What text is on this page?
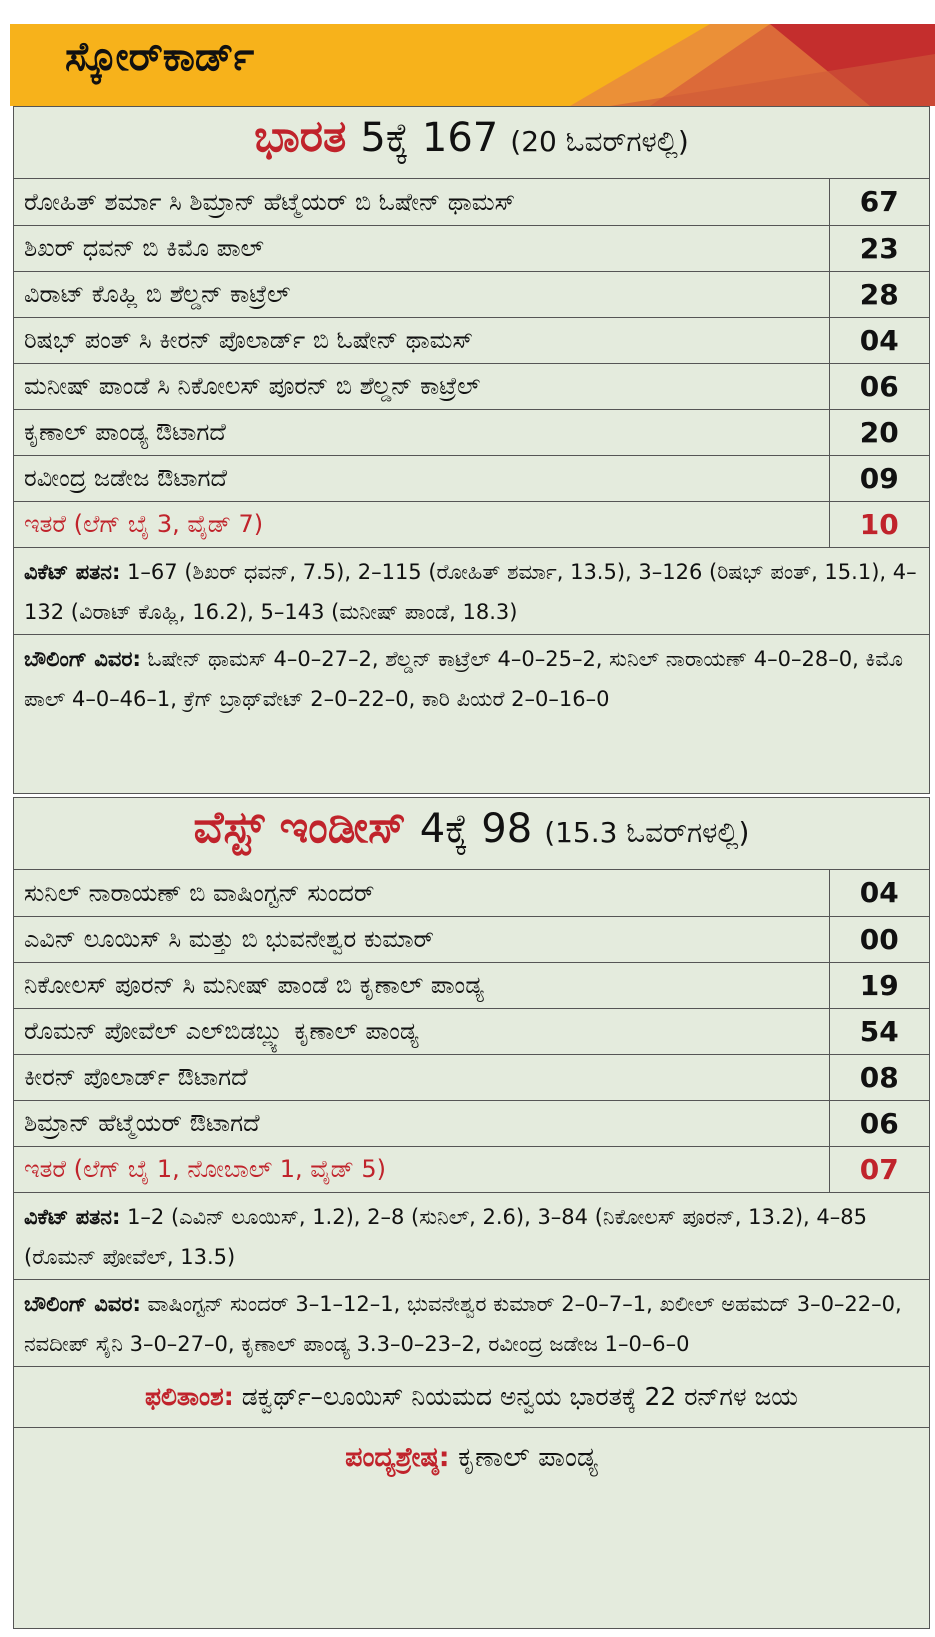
ಸ್ಕೋರ್‌ಕಾರ್ಡ್
ಭಾರತ 5ಕ್ಕೆ 167 (20 ಓವರ್‌ಗಳಲ್ಲಿ)
ರೋಹಿತ್ ಶರ್ಮಾ ಸಿ ಶಿಮ್ರಾನ್ ಹೆಟ್ಮೆಯರ್ ಬಿ ಓಷೇನ್ ಥಾಮಸ್	67
ಶಿಖರ್ ಧವನ್ ಬಿ ಕಿಮೊ ಪಾಲ್	23
ವಿರಾಟ್ ಕೊಹ್ಲಿ ಬಿ ಶೆಲ್ಡನ್ ಕಾಟ್ರೆಲ್	28
ರಿಷಭ್ ಪಂತ್ ಸಿ ಕೀರನ್ ಪೊಲಾರ್ಡ್ ಬಿ ಓಷೇನ್ ಥಾಮಸ್	04
ಮನೀಷ್ ಪಾಂಡೆ ಸಿ ನಿಕೋಲಸ್ ಪೂರನ್ ಬಿ ಶೆಲ್ಡನ್ ಕಾಟ್ರೆಲ್	06
ಕೃಣಾಲ್ ಪಾಂಡ್ಯ ಔಟಾಗದೆ	20
ರವೀಂದ್ರ ಜಡೇಜ ಔಟಾಗದೆ	09
ಇತರೆ (ಲೆಗ್ ಬೈ 3, ವೈಡ್ 7)	10
ವಿಕೆಟ್ ಪತನ: 1–67 (ಶಿಖರ್ ಧವನ್, 7.5), 2–115 (ರೋಹಿತ್ ಶರ್ಮಾ, 13.5), 3–126 (ರಿಷಭ್ ಪಂತ್, 15.1), 4–132 (ವಿರಾಟ್ ಕೊಹ್ಲಿ, 16.2), 5–143 (ಮನೀಷ್ ಪಾಂಡೆ, 18.3)
ಬೌಲಿಂಗ್ ವಿವರ: ಓಷೇನ್ ಥಾಮಸ್ 4–0–27–2, ಶೆಲ್ಡನ್ ಕಾಟ್ರೆಲ್ 4–0–25–2, ಸುನಿಲ್ ನಾರಾಯಣ್ 4–0–28–0, ಕಿಮೊ ಪಾಲ್ 4–0–46–1, ಕ್ರೆಗ್ ಬ್ರಾಥ್‌ವೇಟ್ 2–0–22–0, ಕಾರಿ ಪಿಯರೆ 2–0–16–0
ವೆಸ್ಟ್ ಇಂಡೀಸ್ 4ಕ್ಕೆ 98 (15.3 ಓವರ್‌ಗಳಲ್ಲಿ)
ಸುನಿಲ್ ನಾರಾಯಣ್ ಬಿ ವಾಷಿಂಗ್ಟನ್ ಸುಂದರ್	04
ಎವಿನ್ ಲೂಯಿಸ್ ಸಿ ಮತ್ತು ಬಿ ಭುವನೇಶ್ವರ ಕುಮಾರ್	00
ನಿಕೋಲಸ್ ಪೂರನ್ ಸಿ ಮನೀಷ್ ಪಾಂಡೆ ಬಿ ಕೃಣಾಲ್ ಪಾಂಡ್ಯ	19
ರೊಮನ್ ಪೋವೆಲ್ ಎಲ್‌ಬಿಡಬ್ಲ್ಯು ಕೃಣಾಲ್ ಪಾಂಡ್ಯ	54
ಕೀರನ್ ಪೊಲಾರ್ಡ್ ಔಟಾಗದೆ	08
ಶಿಮ್ರಾನ್ ಹೆಟ್ಮೆಯರ್ ಔಟಾಗದೆ	06
ಇತರೆ (ಲೆಗ್ ಬೈ 1, ನೋಬಾಲ್ 1, ವೈಡ್ 5)	07
ವಿಕೆಟ್ ಪತನ: 1–2 (ಎವಿನ್ ಲೂಯಿಸ್, 1.2), 2–8 (ಸುನಿಲ್, 2.6), 3–84 (ನಿಕೋಲಸ್ ಪೂರನ್, 13.2), 4–85 (ರೊಮನ್ ಪೋವೆಲ್, 13.5)
ಬೌಲಿಂಗ್ ವಿವರ: ವಾಷಿಂಗ್ಟನ್ ಸುಂದರ್ 3–1–12–1, ಭುವನೇಶ್ವರ ಕುಮಾರ್ 2–0–7–1, ಖಲೀಲ್ ಅಹಮದ್ 3–0–22–0, ನವದೀಪ್ ಸೈನಿ 3–0–27–0, ಕೃಣಾಲ್ ಪಾಂಡ್ಯ 3.3–0–23–2, ರವೀಂದ್ರ ಜಡೇಜ 1–0–6–0
ಫಲಿತಾಂಶ: ಡಕ್ವರ್ಥ್–ಲೂಯಿಸ್ ನಿಯಮದ ಅನ್ವಯ ಭಾರತಕ್ಕೆ 22 ರನ್‌ಗಳ ಜಯ
ಪಂದ್ಯಶ್ರೇಷ್ಠ: ಕೃಣಾಲ್ ಪಾಂಡ್ಯ
